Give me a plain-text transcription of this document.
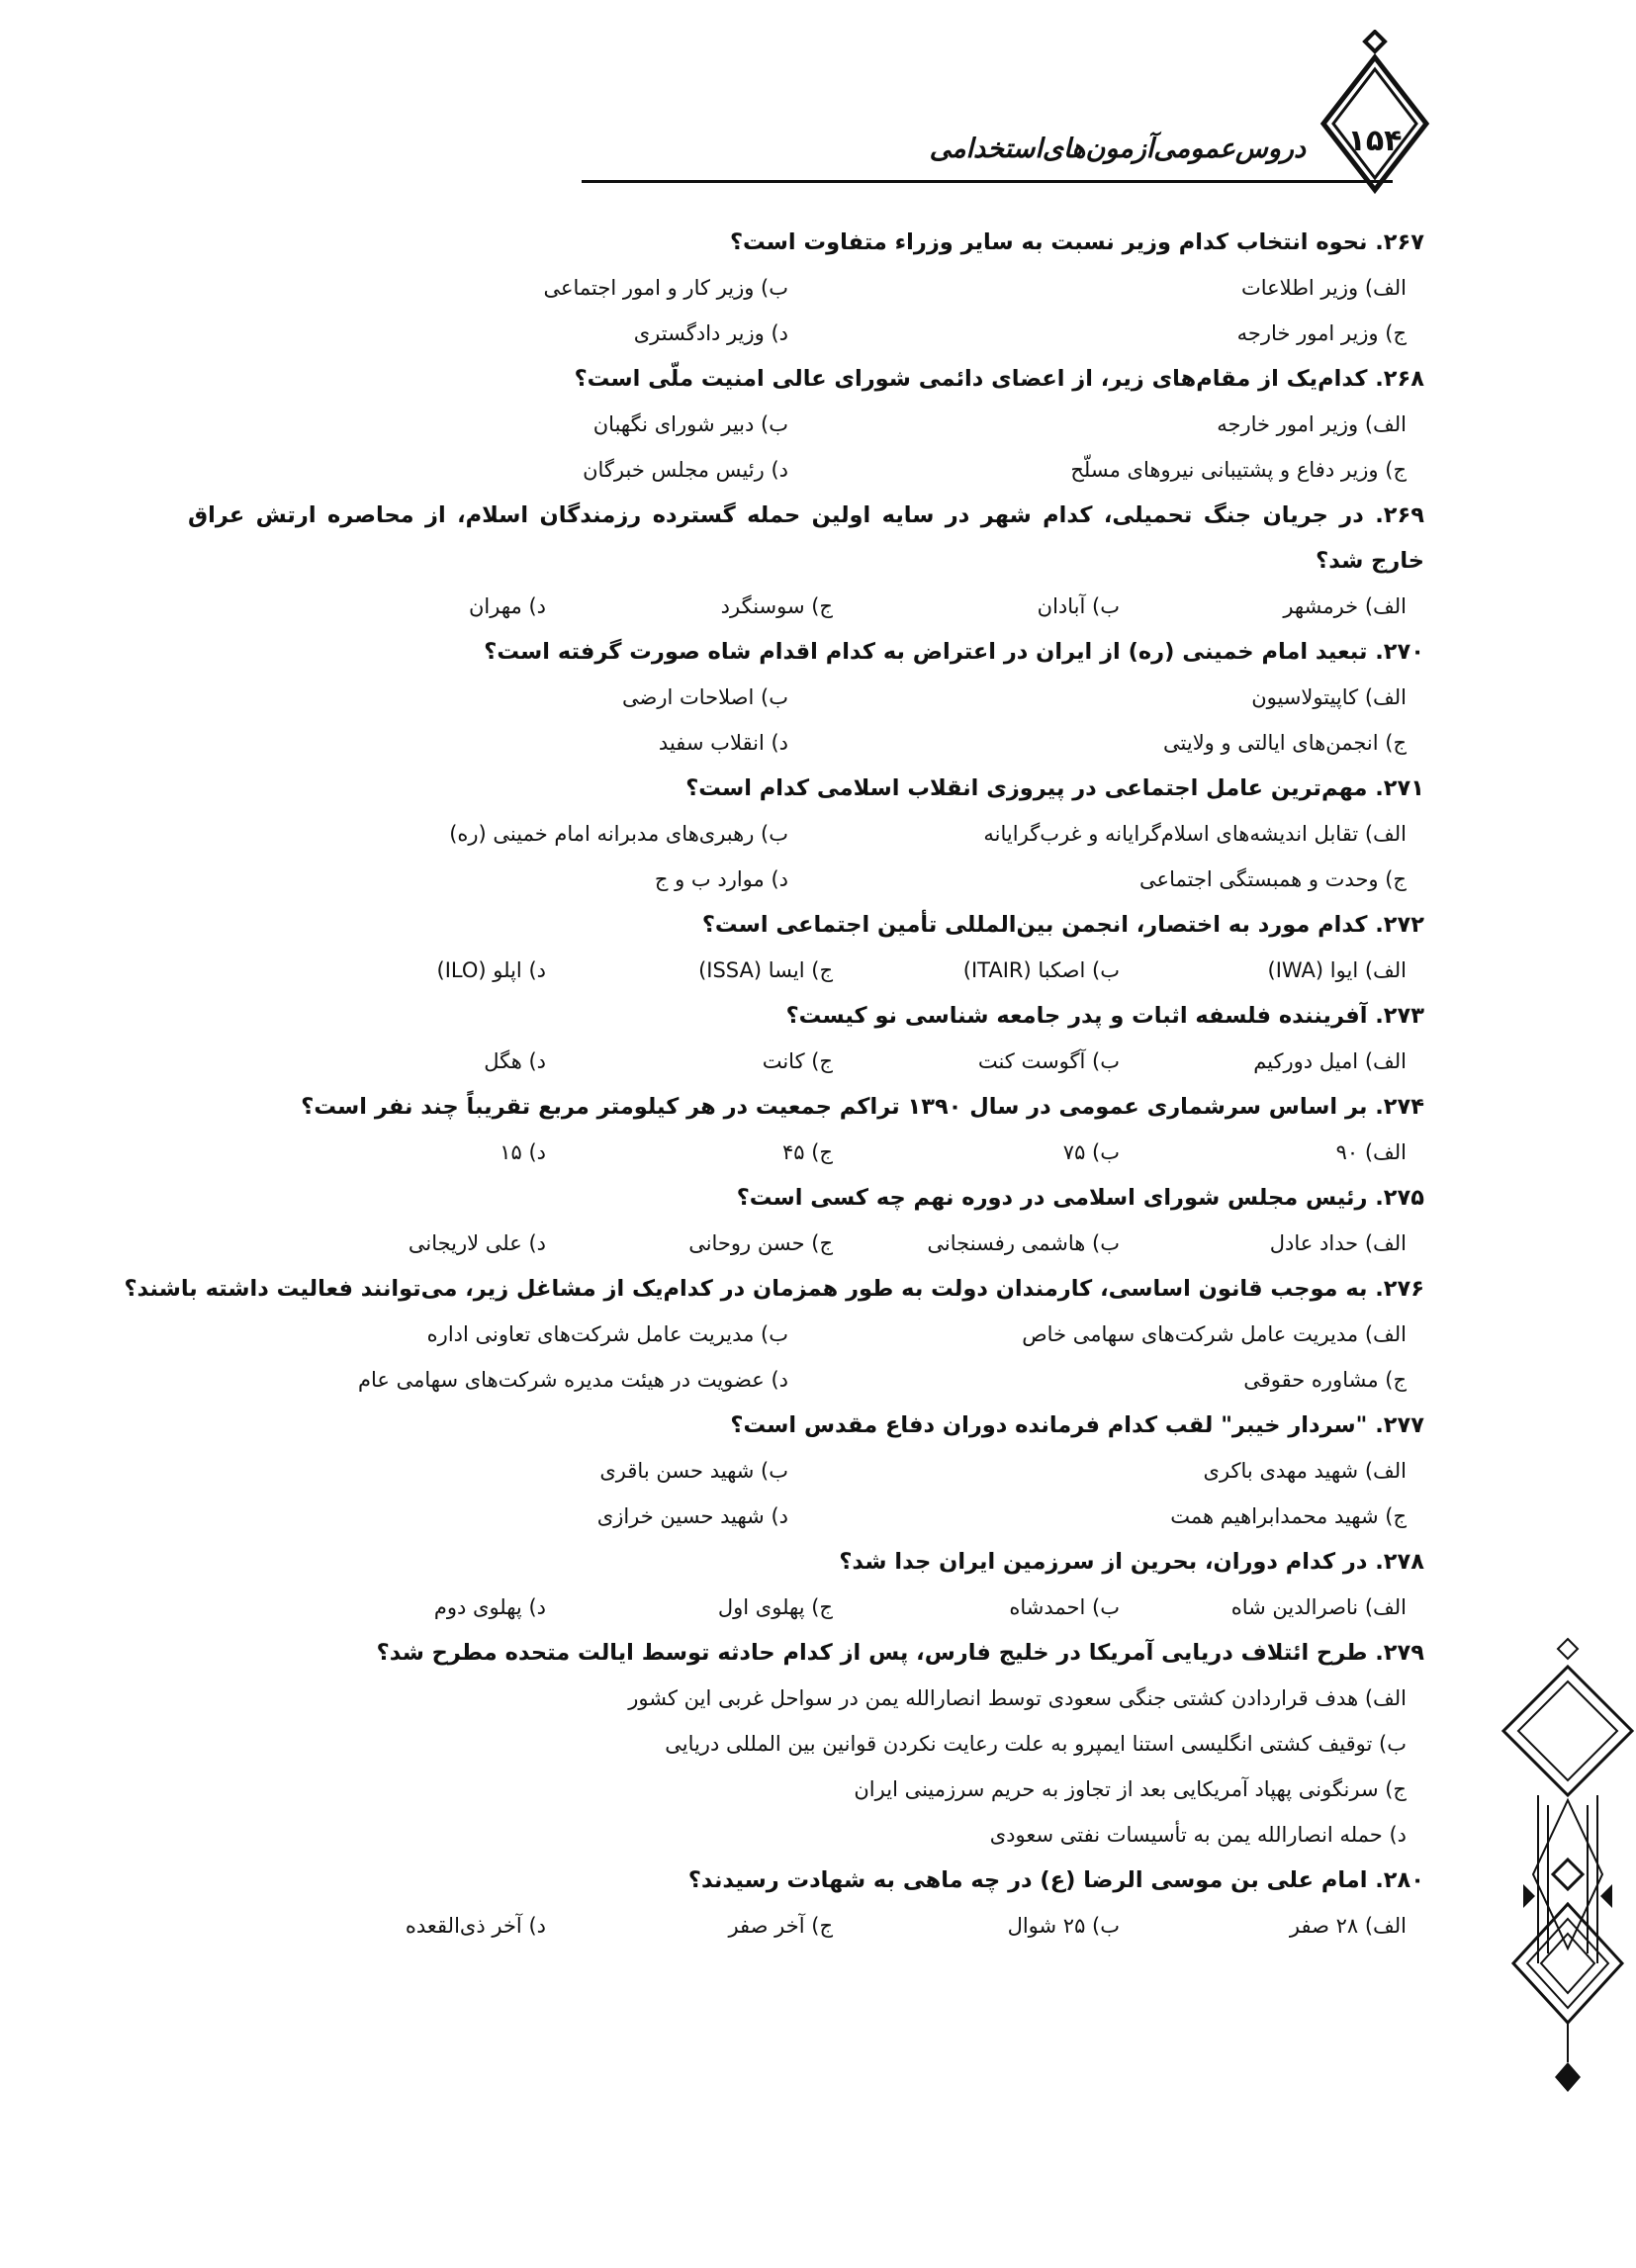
دروس‌عمومی‌آزمون‌های‌استخدامی	۱۵۴
۲۶۷. نحوه انتخاب کدام وزیر نسبت به سایر وزراء متفاوت است؟
الف) وزیر اطلاعات
ب) وزیر کار و امور اجتماعی
ج) وزیر امور خارجه
د) وزیر دادگستری
۲۶۸. کدام‌یک از مقام‌های زیر، از اعضای دائمی شورای عالی امنیت ملّی است؟
الف) وزیر امور خارجه
ب) دبیر شورای نگهبان
ج) وزیر دفاع و پشتیبانی نیروهای مسلّح
د) رئیس مجلس خبرگان
۲۶۹. در جریان جنگ تحمیلی، کدام شهر در سایه اولین حمله گسترده رزمندگان اسلام، از محاصره ارتش عراق خارج شد؟
الف) خرمشهر
ب) آبادان
ج) سوسنگرد
د) مهران
۲۷۰. تبعید امام خمینی (ره) از ایران در اعتراض به کدام اقدام شاه صورت گرفته است؟
الف) کاپیتولاسیون
ب) اصلاحات ارضی
ج) انجمن‌های ایالتی و ولایتی
د) انقلاب سفید
۲۷۱. مهم‌ترین عامل اجتماعی در پیروزی انقلاب اسلامی کدام است؟
الف) تقابل اندیشه‌های اسلام‌گرایانه و غرب‌گرایانه
ب) رهبری‌های مدبرانه امام خمینی (ره)
ج) وحدت و همبستگی اجتماعی
د) موارد ب و ج
۲۷۲. کدام مورد به اختصار، انجمن بین‌المللی تأمین اجتماعی است؟
الف) ایوا (IWA)
ب) اصکبا (ITAIR)
ج) ایسا (ISSA)
د) اپلو (ILO)
۲۷۳. آفریننده فلسفه اثبات و پدر جامعه شناسی نو کیست؟
الف) امیل دورکیم
ب) آگوست کنت
ج) کانت
د) هگل
۲۷۴. بر اساس سرشماری عمومی در سال ۱۳۹۰ تراکم جمعیت در هر کیلومتر مربع تقریباً چند نفر است؟
الف) ۹۰
ب) ۷۵
ج) ۴۵
د) ۱۵
۲۷۵. رئیس مجلس شورای اسلامی در دوره نهم چه کسی است؟
الف) حداد عادل
ب) هاشمی رفسنجانی
ج) حسن روحانی
د) علی لاریجانی
۲۷۶. به موجب قانون اساسی، کارمندان دولت به طور همزمان در کدام‌یک از مشاغل زیر، می‌توانند فعالیت داشته باشند؟
الف) مدیریت عامل شرکت‌های سهامی خاص
ب) مدیریت عامل شرکت‌های تعاونی اداره
ج) مشاوره حقوقی
د) عضویت در هیئت مدیره شرکت‌های سهامی عام
۲۷۷. "سردار خیبر" لقب کدام فرمانده دوران دفاع مقدس است؟
الف) شهید مهدی باکری
ب) شهید حسن باقری
ج) شهید محمدابراهیم همت
د) شهید حسین خرازی
۲۷۸. در کدام دوران، بحرین از سرزمین ایران جدا شد؟
الف) ناصرالدین شاه
ب) احمدشاه
ج) پهلوی اول
د) پهلوی دوم
۲۷۹. طرح ائتلاف دریایی آمریکا در خلیج فارس، پس از کدام حادثه توسط ایالت متحده مطرح شد؟
الف) هدف قراردادن کشتی جنگی سعودی توسط انصارالله یمن در سواحل غربی این کشور
ب) توقیف کشتی انگلیسی استنا ایمپرو به علت رعایت نکردن قوانین بین المللی دریایی
ج) سرنگونی پهپاد آمریکایی بعد از تجاوز به حریم سرزمینی ایران
د) حمله انصارالله یمن به تأسیسات نفتی سعودی
۲۸۰. امام علی بن موسی الرضا (ع) در چه ماهی به شهادت رسیدند؟
الف) ۲۸ صفر
ب) ۲۵ شوال
ج) آخر صفر
د) آخر ذی‌القعده
